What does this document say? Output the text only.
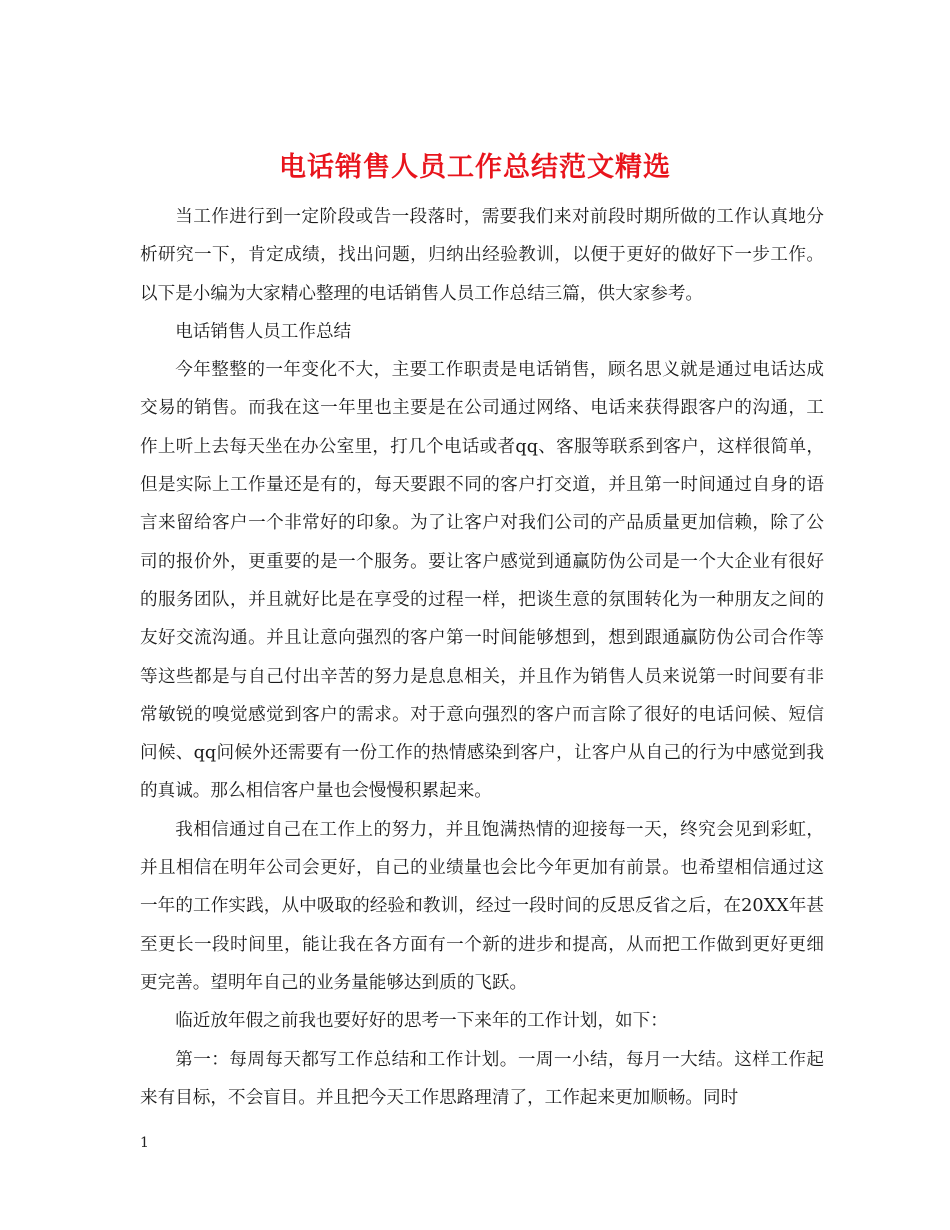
电话销售人员工作总结范文精选

当工作进行到一定阶段或告一段落时，需要我们来对前段时期所做的工作认真地分析研究一下，肯定成绩，找出问题，归纳出经验教训，以便于更好的做好下一步工作。以下是小编为大家精心整理的电话销售人员工作总结三篇，供大家参考。

电话销售人员工作总结

今年整整的一年变化不大，主要工作职责是电话销售，顾名思义就是通过电话达成交易的销售。而我在这一年里也主要是在公司通过网络、电话来获得跟客户的沟通，工作上听上去每天坐在办公室里，打几个电话或者qq、客服等联系到客户，这样很简单，但是实际上工作量还是有的，每天要跟不同的客户打交道，并且第一时间通过自身的语言来留给客户一个非常好的印象。为了让客户对我们公司的产品质量更加信赖，除了公司的报价外，更重要的是一个服务。要让客户感觉到通赢防伪公司是一个大企业有很好的服务团队，并且就好比是在享受的过程一样，把谈生意的氛围转化为一种朋友之间的友好交流沟通。并且让意向强烈的客户第一时间能够想到，想到跟通赢防伪公司合作等等这些都是与自己付出辛苦的努力是息息相关，并且作为销售人员来说第一时间要有非常敏锐的嗅觉感觉到客户的需求。对于意向强烈的客户而言除了很好的电话问候、短信问候、qq问候外还需要有一份工作的热情感染到客户，让客户从自己的行为中感觉到我的真诚。那么相信客户量也会慢慢积累起来。

我相信通过自己在工作上的努力，并且饱满热情的迎接每一天，终究会见到彩虹，并且相信在明年公司会更好，自己的业绩量也会比今年更加有前景。也希望相信通过这一年的工作实践，从中吸取的经验和教训，经过一段时间的反思反省之后，在20XX年甚至更长一段时间里，能让我在各方面有一个新的进步和提高，从而把工作做到更好更细更完善。望明年自己的业务量能够达到质的飞跃。

临近放年假之前我也要好好的思考一下来年的工作计划，如下：

第一：每周每天都写工作总结和工作计划。一周一小结，每月一大结。这样工作起来有目标，不会盲目。并且把今天工作思路理清了，工作起来更加顺畅。同时

1
